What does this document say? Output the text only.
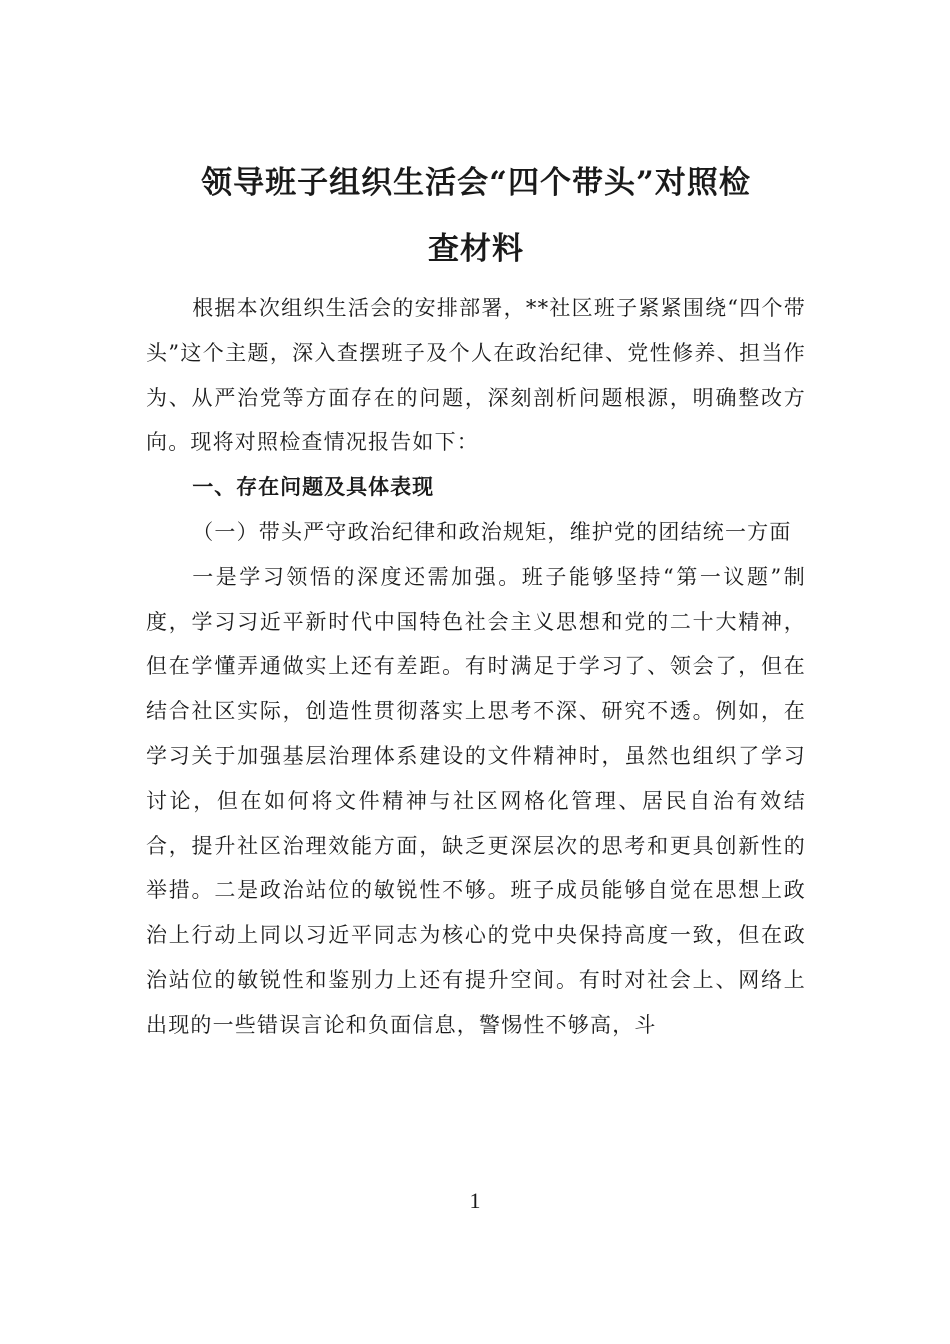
领导班子组织生活会“四个带头”对照检
查材料

根据本次组织生活会的安排部署，**社区班子紧紧围绕“四个带头”这个主题，深入查摆班子及个人在政治纪律、党性修养、担当作为、从严治党等方面存在的问题，深刻剖析问题根源，明确整改方向。现将对照检查情况报告如下：

一、存在问题及具体表现

（一）带头严守政治纪律和政治规矩，维护党的团结统一方面

一是学习领悟的深度还需加强。班子能够坚持“第一议题”制度，学习习近平新时代中国特色社会主义思想和党的二十大精神，但在学懂弄通做实上还有差距。有时满足于学习了、领会了，但在结合社区实际，创造性贯彻落实上思考不深、研究不透。例如，在学习关于加强基层治理体系建设的文件精神时，虽然也组织了学习讨论，但在如何将文件精神与社区网格化管理、居民自治有效结合，提升社区治理效能方面，缺乏更深层次的思考和更具创新性的举措。二是政治站位的敏锐性不够。班子成员能够自觉在思想上政治上行动上同以习近平同志为核心的党中央保持高度一致，但在政治站位的敏锐性和鉴别力上还有提升空间。有时对社会上、网络上出现的一些错误言论和负面信息，警惕性不够高，斗

1
